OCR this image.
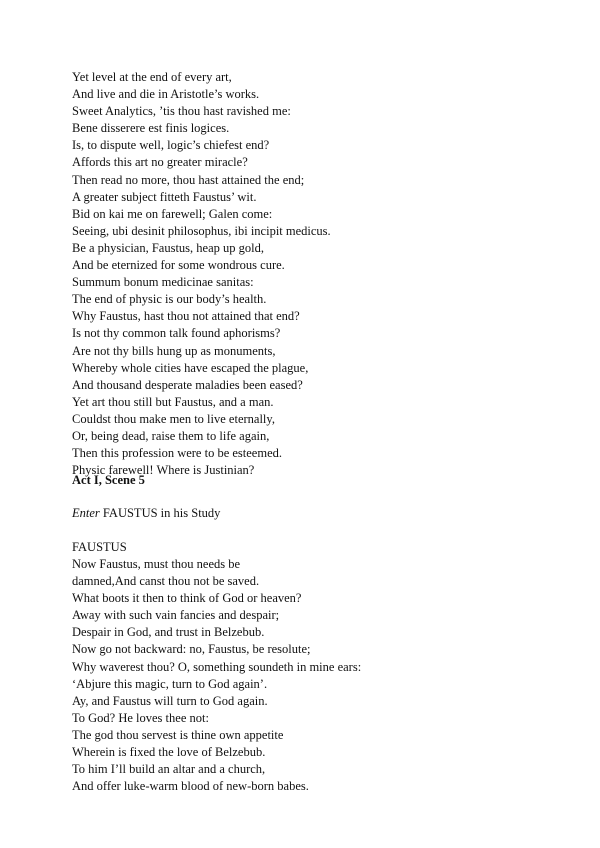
Yet level at the end of every art,
And live and die in Aristotle’s works.
Sweet Analytics, ’tis thou hast ravished me:
Bene disserere est finis logices.
Is, to dispute well, logic’s chiefest end?
Affords this art no greater miracle?
Then read no more, thou hast attained the end;
A greater subject fitteth Faustus’ wit.
Bid on kai me on farewell; Galen come:
Seeing, ubi desinit philosophus, ibi incipit medicus.
Be a physician, Faustus, heap up gold,
And be eternized for some wondrous cure.
Summum bonum medicinae sanitas:
The end of physic is our body’s health.
Why Faustus, hast thou not attained that end?
Is not thy common talk found aphorisms?
Are not thy bills hung up as monuments,
Whereby whole cities have escaped the plague,
And thousand desperate maladies been eased?
Yet art thou still but Faustus, and a man.
Couldst thou make men to live eternally,
Or, being dead, raise them to life again,
Then this profession were to be esteemed.
Physic farewell! Where is Justinian?
Act I, Scene 5
Enter FAUSTUS in his Study
FAUSTUS
Now Faustus, must thou needs be
damned,And canst thou not be saved.
What boots it then to think of God or heaven?
Away with such vain fancies and despair;
Despair in God, and trust in Belzebub.
Now go not backward: no, Faustus, be resolute;
Why waverest thou? O, something soundeth in mine ears:
‘Abjure this magic, turn to God again’.
Ay, and Faustus will turn to God again.
To God? He loves thee not:
The god thou servest is thine own appetite
Wherein is fixed the love of Belzebub.
To him I’ll build an altar and a church,
And offer luke-warm blood of new-born babes.
